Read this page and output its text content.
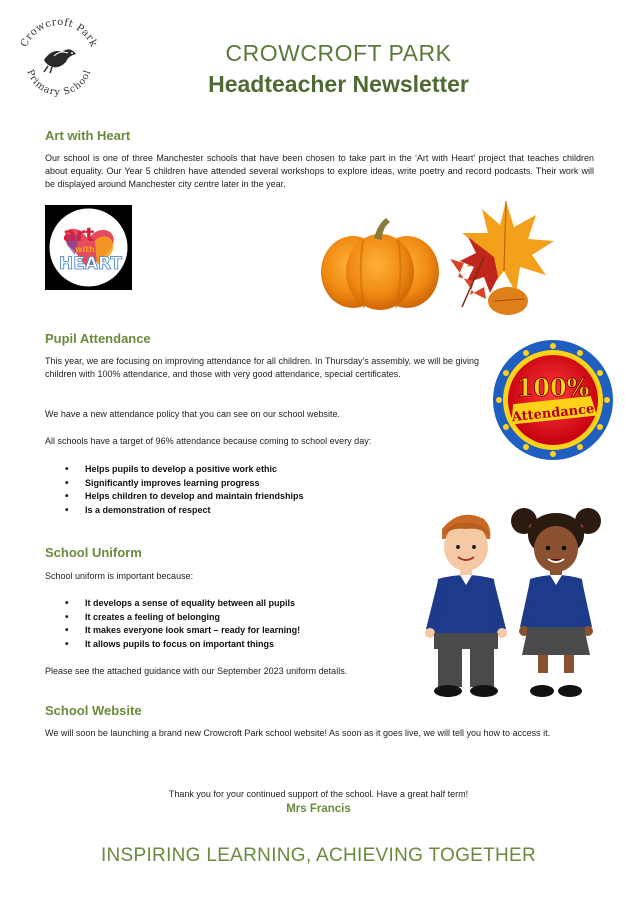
Crowcroft Park
Primary School
CROWCROFT PARK
Headteacher Newsletter
Art with Heart

Our school is one of three Manchester schools that have been chosen to take part in the 'Art with Heart' project that teaches children about equality. Our Year 5 children have attended several workshops to explore ideas, write poetry and record podcasts. Their work will be displayed around Manchester city centre later in the year.

art
with
HEART
Pupil Attendance

This year, we are focusing on improving attendance for all children. In Thursday's assembly, we will be giving children with 100% attendance, and those with very good attendance, special certificates.

We have a new attendance policy that you can see on our school website.

All schools have a target of 96% attendance because coming to school every day:

• Helps pupils to develop a positive work ethic
• Significantly improves learning progress
• Helps children to develop and maintain friendships
• Is a demonstration of respect
100%
Attendance
School Uniform

School uniform is important because:

• It develops a sense of equality between all pupils
• It creates a feeling of belonging
• It makes everyone look smart – ready for learning!
• It allows pupils to focus on important things

Please see the attached guidance with our September 2023 uniform details.

School Website

We will soon be launching a brand new Crowcroft Park school website! As soon as it goes live, we will tell you how to access it.

Thank you for your continued support of the school. Have a great half term!

Mrs Francis

INSPIRING LEARNING, ACHIEVING TOGETHER
